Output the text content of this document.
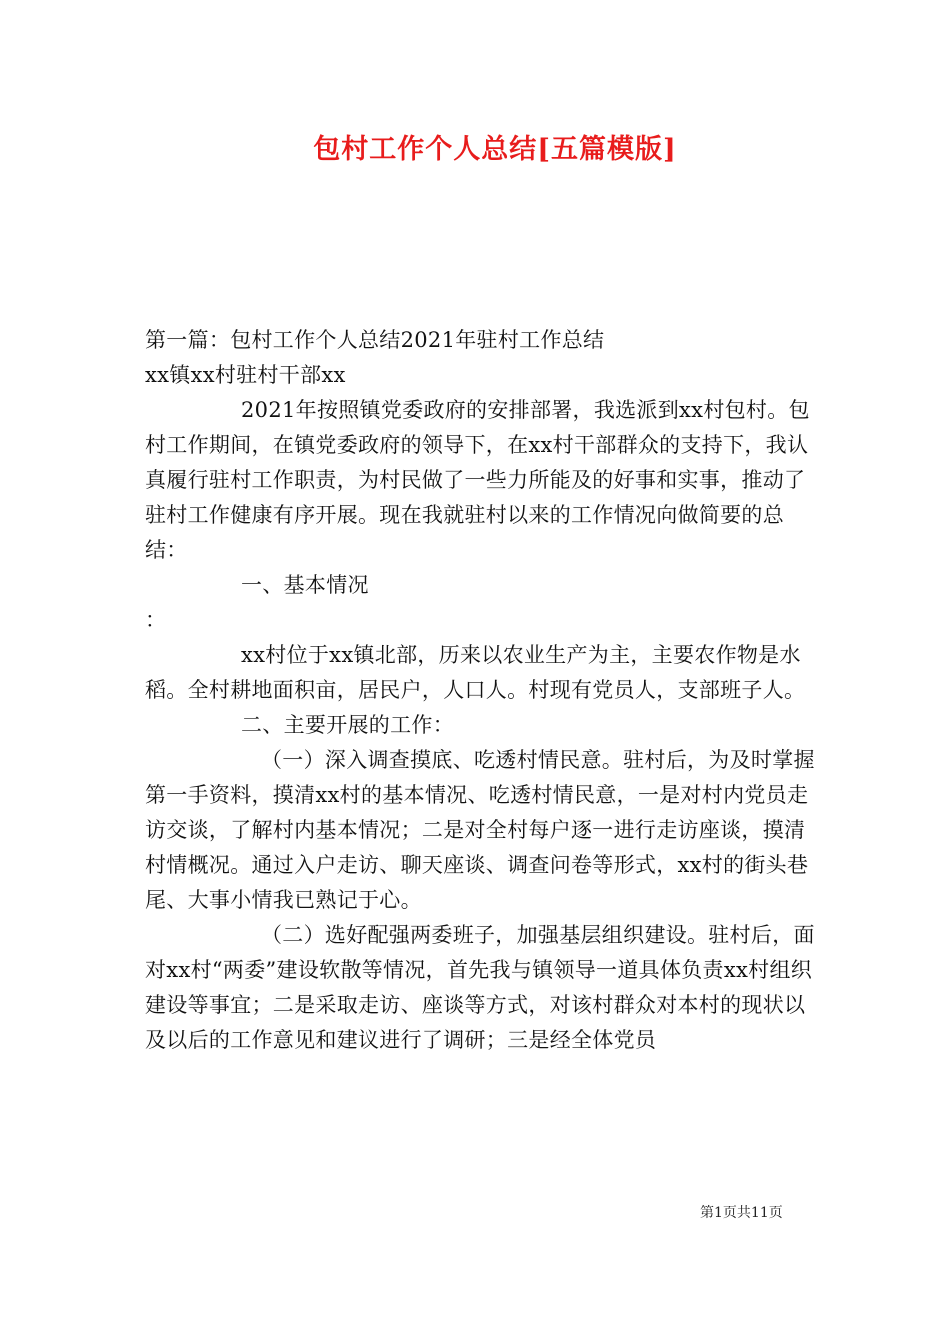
包村工作个人总结[五篇模版]

第一篇：包村工作个人总结2021年驻村工作总结

xx镇xx村驻村干部xx

2021年按照镇党委政府的安排部署，我选派到xx村包村。包村工作期间，在镇党委政府的领导下，在xx村干部群众的支持下，我认真履行驻村工作职责，为村民做了一些力所能及的好事和实事，推动了驻村工作健康有序开展。现在我就驻村以来的工作情况向做简要的总结：

一、基本情况

：

xx村位于xx镇北部，历来以农业生产为主，主要农作物是水稻。全村耕地面积亩，居民户，人口人。村现有党员人，支部班子人。

二、主要开展的工作：

（一）深入调查摸底、吃透村情民意。驻村后，为及时掌握第一手资料，摸清xx村的基本情况、吃透村情民意，一是对村内党员走访交谈，了解村内基本情况；二是对全村每户逐一进行走访座谈，摸清村情概况。通过入户走访、聊天座谈、调查问卷等形式，xx村的街头巷尾、大事小情我已熟记于心。

（二）选好配强两委班子，加强基层组织建设。驻村后，面对xx村“两委”建设软散等情况，首先我与镇领导一道具体负责xx村组织建设等事宜；二是采取走访、座谈等方式，对该村群众对本村的现状以及以后的工作意见和建议进行了调研；三是经全体党员

第1页共11页
